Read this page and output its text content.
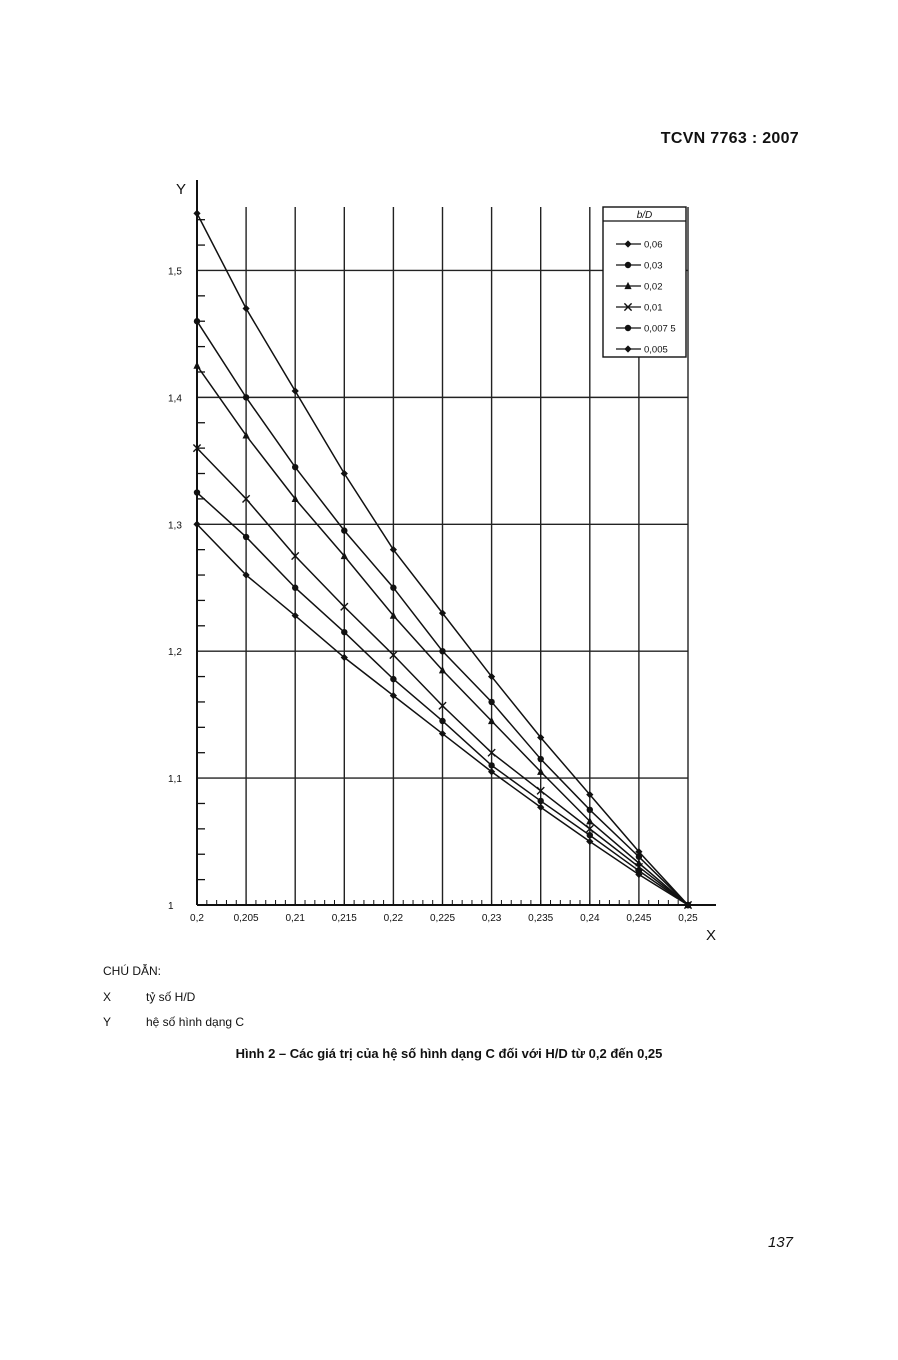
TCVN 7763 : 2007
1
1,1
1,2
1,3
1,4
1,5
0,2	0,205	0,21	0,215	0,22	0,225	0,23	0,235	0,24	0,245	0,25
b/D
0,06
0,03
0,02
0,01
0,007 5
0,005
Y
X
CHÚ DẪN:
X	tỷ số H/D
Y	hệ số hình dạng C
Hình 2 – Các giá trị của hệ số hình dạng C đối với H/D từ 0,2 đến 0,25
137
